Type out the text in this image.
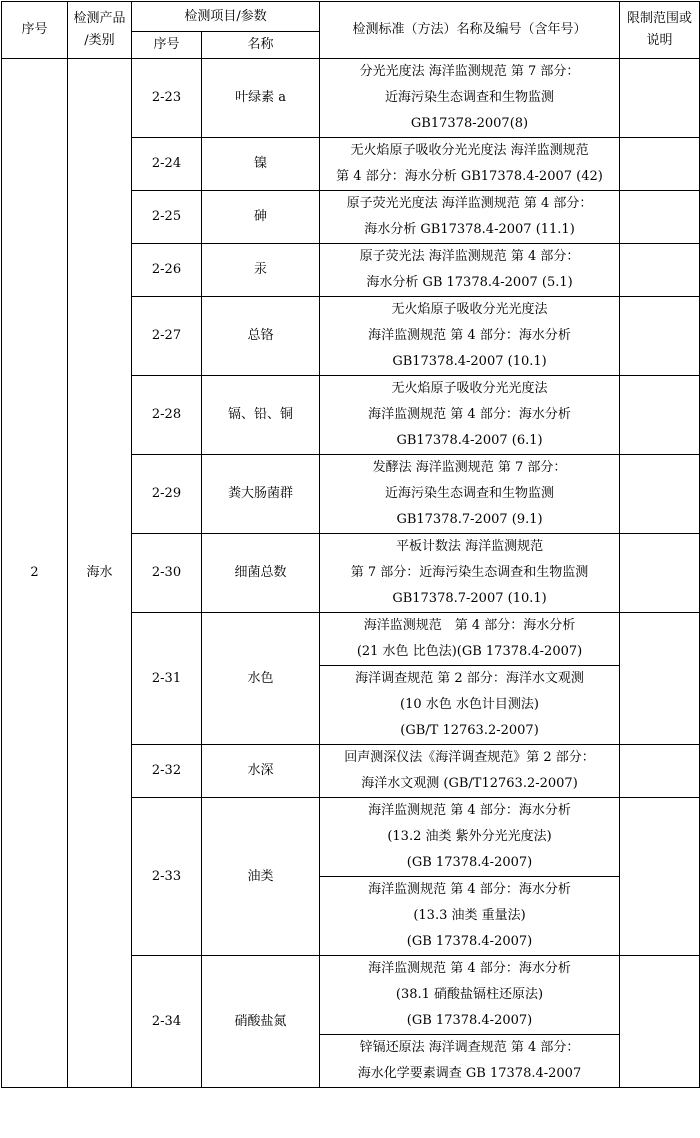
序号	检测产品
/类别	检测项目/参数		检测标准（方法）名称及编号（含年号）	限制范围或
说明

		序号	名称		
2	海水	2-23	叶绿素 a	分光光度法 海洋监测规范 第 7 部分：
近海污染生态调查和生物监测
GB17378-2007(8)	

		2-24	镍	无火焰原子吸收分光光度法 海洋监测规范
第 4 部分：海水分析 GB17378.4-2007 (42)	

		2-25	砷	原子荧光光度法 海洋监测规范 第 4 部分：
海水分析 GB17378.4-2007 (11.1)	

		2-26	汞	原子荧光法 海洋监测规范 第 4 部分：
海水分析 GB 17378.4-2007 (5.1)	

		2-27	总铬	无火焰原子吸收分光光度法
海洋监测规范 第 4 部分：海水分析
GB17378.4-2007 (10.1)	

		2-28	镉、铅、铜	无火焰原子吸收分光光度法
海洋监测规范 第 4 部分：海水分析
GB17378.4-2007 (6.1)	

		2-29	粪大肠菌群	发酵法 海洋监测规范 第 7 部分：
近海污染生态调查和生物监测
GB17378.7-2007 (9.1)	

		2-30	细菌总数	平板计数法 海洋监测规范
第 7 部分：近海污染生态调查和生物监测
GB17378.7-2007 (10.1)	

		2-31	水色	海洋监测规范　第 4 部分：海水分析
(21 水色 比色法)(GB 17378.4-2007)	

				海洋调查规范 第 2 部分：海洋水文观测
(10 水色 水色计目测法)
(GB/T 12763.2-2007)	

		2-32	水深	回声测深仪法《海洋调查规范》第 2 部分：
海洋水文观测 (GB/T12763.2-2007)	

		2-33	油类	海洋监测规范 第 4 部分：海水分析
(13.2 油类 紫外分光光度法)
(GB 17378.4-2007)	

				海洋监测规范 第 4 部分：海水分析
(13.3 油类 重量法)
(GB 17378.4-2007)	

		2-34	硝酸盐氮	海洋监测规范 第 4 部分：海水分析
(38.1 硝酸盐镉柱还原法)
(GB 17378.4-2007)	

				锌镉还原法 海洋调查规范 第 4 部分：
海水化学要素调查 GB 17378.4-2007	
